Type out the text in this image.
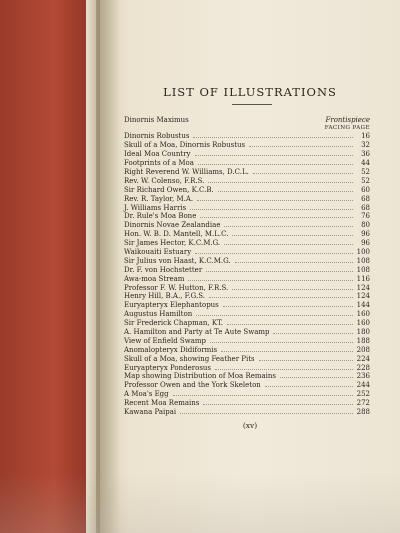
LIST OF ILLUSTRATIONS
Dinornis Maximus	Frontispiece
FACING PAGE
Dinornis Robustus	16
Skull of a Moa, Dinornis Robustus	32
Ideal Moa Country	36
Footprints of a Moa	44
Right Reverend W. Williams, D.C.L.	52
Rev. W. Colenso, F.R.S.	52
Sir Richard Owen, K.C.B.	60
Rev. R. Taylor, M.A.	68
J. Williams Harris	68
Dr. Rule's Moa Bone	76
Dinornis Novae Zealandiae	80
Hon. W. B. D. Mantell, M.L.C.	96
Sir James Hector, K.C.M.G.	96
Waikouaiti Estuary	100
Sir Julius von Haast, K.C.M.G.	108
Dr. F. von Hochstetter	108
Awa-moa Stream	116
Professor F. W. Hutton, F.R.S.	124
Henry Hill, B.A., F.G.S.	124
Euryapteryx Elephantopus	144
Augustus Hamilton	160
Sir Frederick Chapman, KT.	160
A. Hamilton and Party at Te Aute Swamp	180
View of Enfield Swamp	188
Anomalopteryx Didiformis	208
Skull of a Moa, showing Feather Pits	224
Euryapteryx Ponderosus	228
Map showing Distribution of Moa Remains	236
Professor Owen and the York Skeleton	244
A Moa's Egg	252
Recent Moa Remains	272
Kawana Paipai	288
(xv)
